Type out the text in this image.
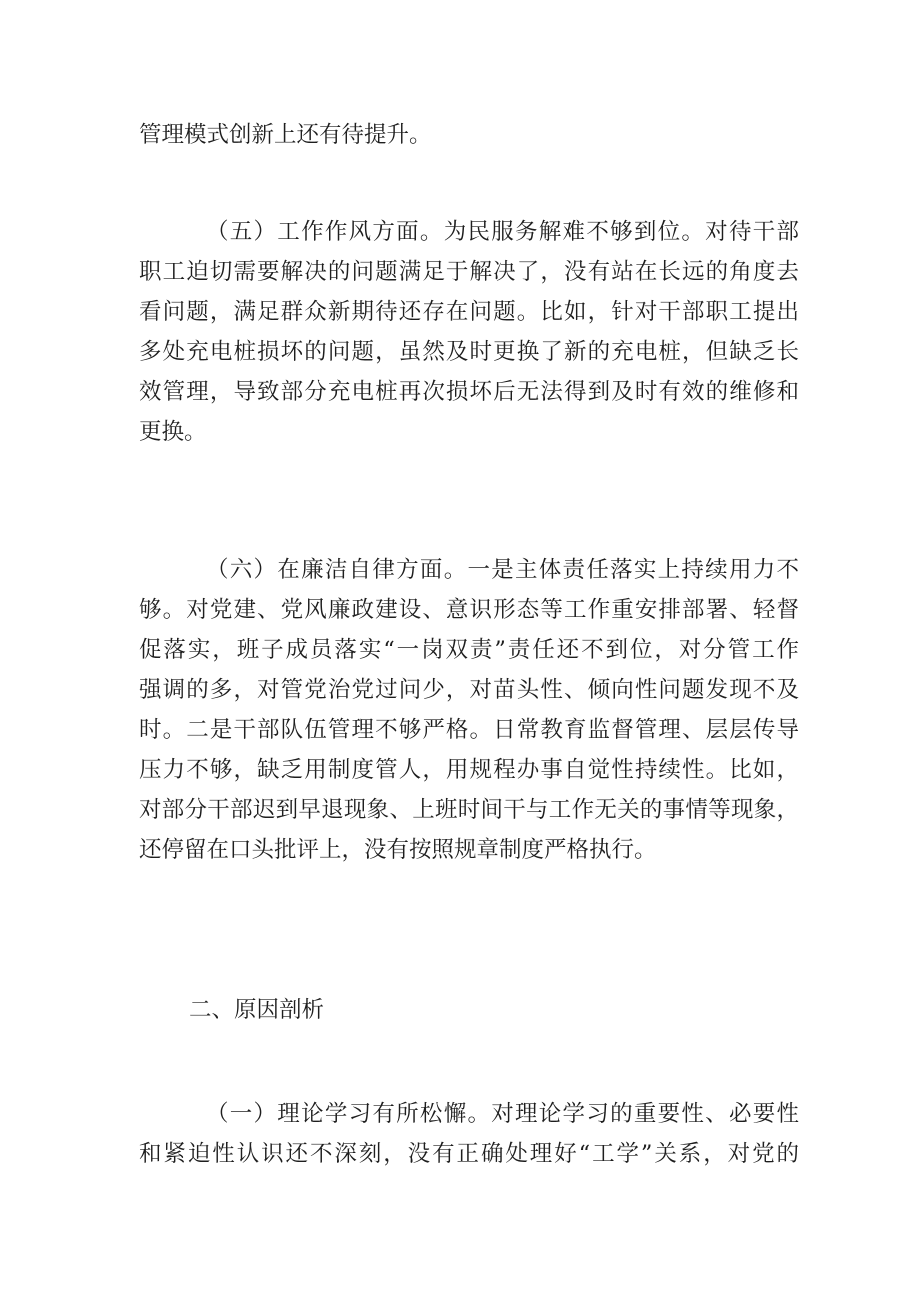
管理模式创新上还有待提升。
（五）工作作风方面。为民服务解难不够到位。对待干部
职工迫切需要解决的问题满足于解决了，没有站在长远的角度去
看问题，满足群众新期待还存在问题。比如，针对干部职工提出
多处充电桩损坏的问题，虽然及时更换了新的充电桩，但缺乏长
效管理，导致部分充电桩再次损坏后无法得到及时有效的维修和
更换。
（六）在廉洁自律方面。一是主体责任落实上持续用力不
够。对党建、党风廉政建设、意识形态等工作重安排部署、轻督
促落实，班子成员落实“一岗双责”责任还不到位，对分管工作
强调的多，对管党治党过问少，对苗头性、倾向性问题发现不及
时。二是干部队伍管理不够严格。日常教育监督管理、层层传导
压力不够，缺乏用制度管人，用规程办事自觉性持续性。比如，
对部分干部迟到早退现象、上班时间干与工作无关的事情等现象，
还停留在口头批评上，没有按照规章制度严格执行。
二、原因剖析
（一）理论学习有所松懈。对理论学习的重要性、必要性
和紧迫性认识还不深刻，没有正确处理好“工学”关系，对党的
